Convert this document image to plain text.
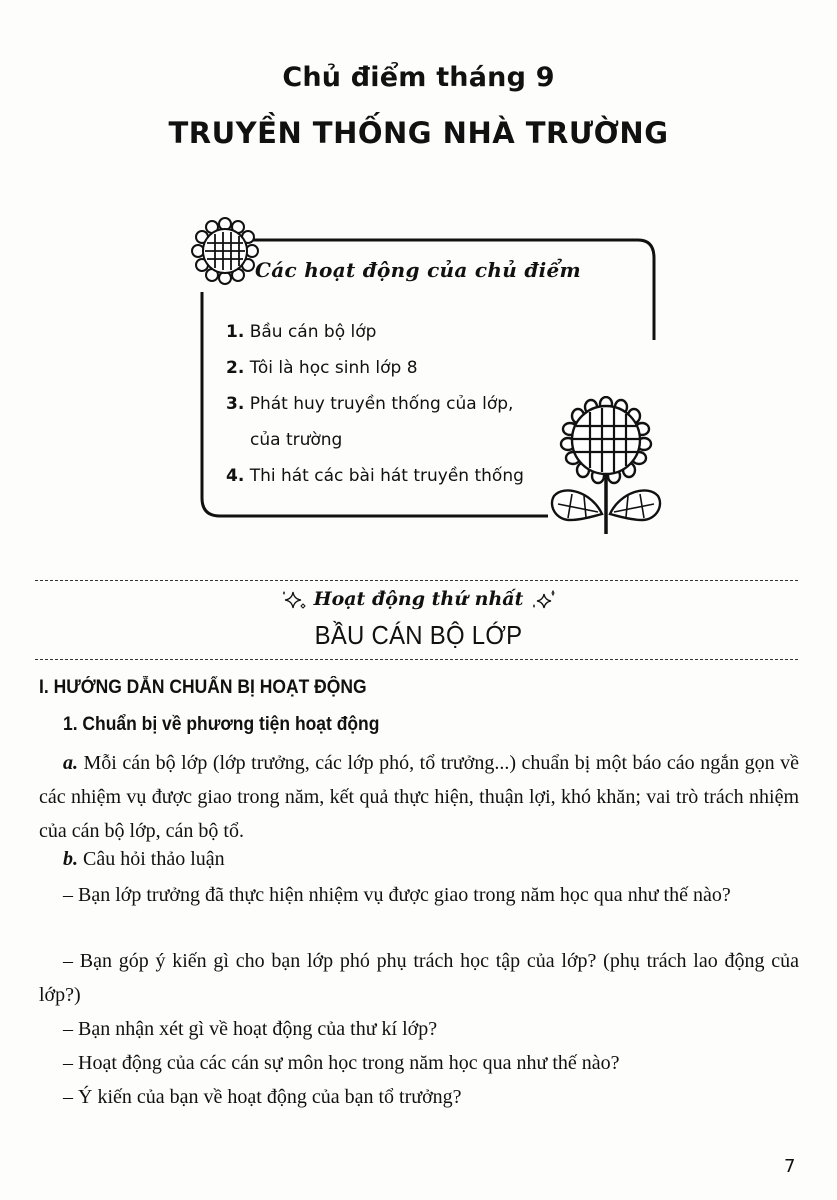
Chủ điểm tháng 9
TRUYỀN THỐNG NHÀ TRƯỜNG
Các hoạt động của chủ điểm
1. Bầu cán bộ lớp
2. Tôi là học sinh lớp 8
3. Phát huy truyền thống của lớp,
của trường
4. Thi hát các bài hát truyền thống
Hoạt động thứ nhất
BẦU CÁN BỘ LỚP
I. HƯỚNG DẪN CHUẨN BỊ HOẠT ĐỘNG
1. Chuẩn bị về phương tiện hoạt động
a. Mỗi cán bộ lớp (lớp trưởng, các lớp phó, tổ trưởng...) chuẩn bị một báo cáo ngắn gọn về các nhiệm vụ được giao trong năm, kết quả thực hiện, thuận lợi, khó khăn; vai trò trách nhiệm của cán bộ lớp, cán bộ tổ.
b. Câu hỏi thảo luận
– Bạn lớp trưởng đã thực hiện nhiệm vụ được giao trong năm học qua như thế nào?
– Bạn góp ý kiến gì cho bạn lớp phó phụ trách học tập của lớp? (phụ trách lao động của lớp?)
– Bạn nhận xét gì về hoạt động của thư kí lớp?
– Hoạt động của các cán sự môn học trong năm học qua như thế nào?
– Ý kiến của bạn về hoạt động của bạn tổ trưởng?
7
